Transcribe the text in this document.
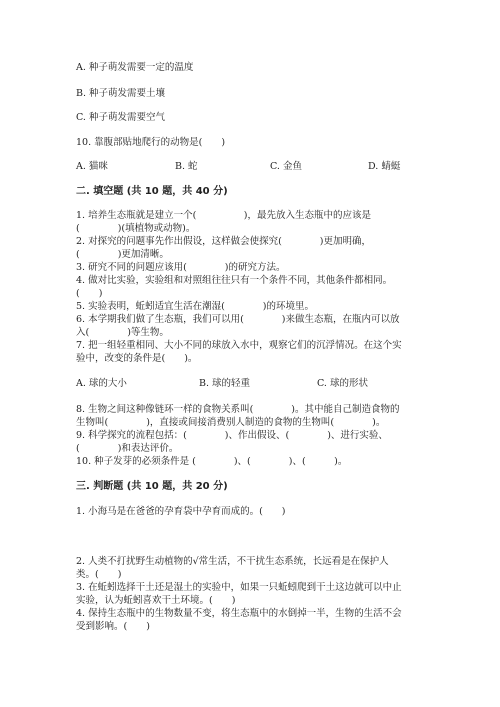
A. 种子萌发需要一定的温度
B. 种子萌发需要土壤
C. 种子萌发需要空气
10. 靠腹部贴地爬行的动物是(　　)
A. 猫咪	B. 蛇	C. 金鱼	D. 蜻蜓
二. 填空题 (共 10 题，共 40 分)
1. 培养生态瓶就是建立一个(　　　　　)，最先放入生态瓶中的应该是
(　　　　)(填植物或动物)。
2. 对探究的问题事先作出假设，这样做会使探究(　　　　)更加明确，
(　　　　)更加清晰。
3. 研究不同的问题应该用(　　　　)的研究方法。
4. 做对比实验，实验组和对照组往往只有一个条件不同，其他条件都相同。
(　　)
5. 实验表明，蚯蚓适宜生活在潮湿(　　　　)的环境里。
6. 本学期我们做了生态瓶，我们可以用(　　　　)来做生态瓶，在瓶内可以放
入(　　　　)等生物。
7. 把一组轻重相同、大小不同的球放入水中，观察它们的沉浮情况。在这个实
验中，改变的条件是(　　)。
A. 球的大小	B. 球的轻重	C. 球的形状
8. 生物之间这种像链环一样的食物关系叫(　　　　)。其中能自己制造食物的
生物叫(　　　　)，直接或间接消费别人制造的食物的生物叫(　　　　)。
9. 科学探究的流程包括：(　　　　)、作出假设、(　　　　)、进行实验、
(　　　　)和表达评价。
10. 种子发芽的必须条件是 (　　　　)、(　　　　)、(　　　)。
三. 判断题 (共 10 题，共 20 分)
1. 小海马是在爸爸的孕育袋中孕育而成的。(　　)
2. 人类不打扰野生动植物的√常生活，不干扰生态系统，长远看是在保护人
类。(　　)
3. 在蚯蚓选择干土还是湿土的实验中，如果一只蚯蚓爬到干土这边就可以中止
实验，认为蚯蚓喜欢干土环境。(　　)
4. 保持生态瓶中的生物数量不变，将生态瓶中的水倒掉一半，生物的生活不会
受到影响。(　　)
